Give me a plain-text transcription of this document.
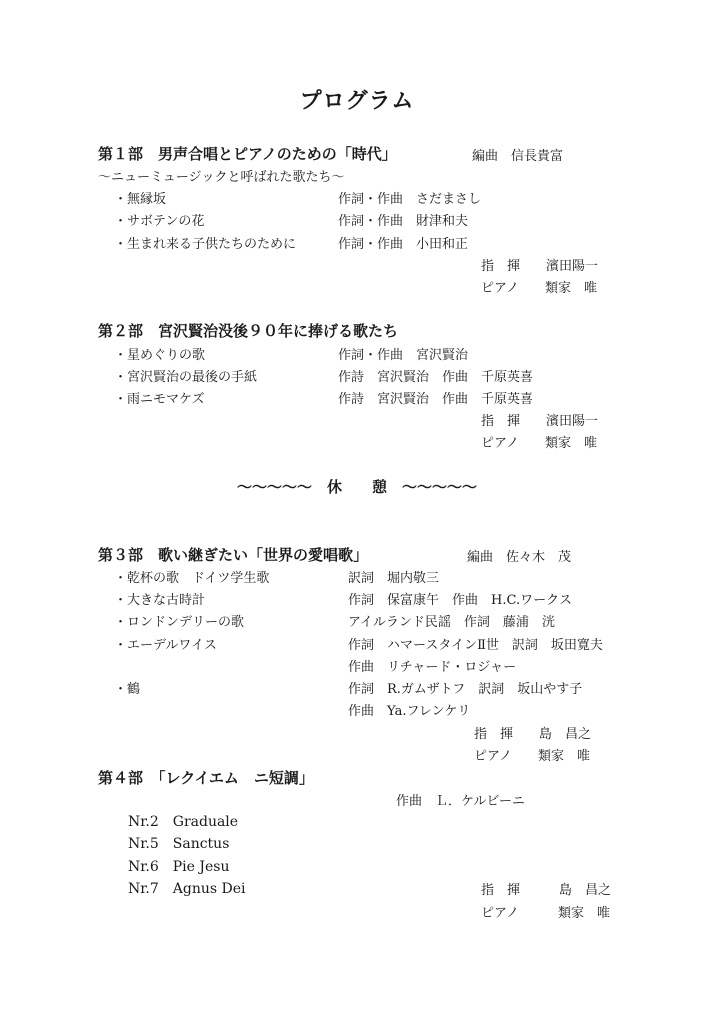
プログラム
第１部　男声合唱とピアノのための「時代」	編曲　信長貴富
〜ニューミュージックと呼ばれた歌たち〜
・無縁坂	作詞・作曲　さだまさし
・サボテンの花	作詞・作曲　財津和夫
・生まれ来る子供たちのために	作詞・作曲　小田和正
指　揮　　濱田陽一
ピアノ　　類家　唯
第２部　宮沢賢治没後９０年に捧げる歌たち
・星めぐりの歌	作詞・作曲　宮沢賢治
・宮沢賢治の最後の手紙	作詩　宮沢賢治　作曲　千原英喜
・雨ニモマケズ	作詩　宮沢賢治　作曲　千原英喜
指　揮　　濱田陽一
ピアノ　　類家　唯
〜〜〜〜〜　休　　憩　〜〜〜〜〜
第３部　歌い継ぎたい「世界の愛唱歌」	編曲　佐々木　茂
・乾杯の歌　ドイツ学生歌	訳詞　堀内敬三
・大きな古時計	作詞　保富康午　作曲　H.C.ワークス
・ロンドンデリーの歌	アイルランド民謡　作詞　藤浦　洸
・エーデルワイス	作詞　ハマースタインⅡ世　訳詞　坂田寛夫
作曲　リチャード・ロジャー
・鶴	作詞　R.ガムザトフ　訳詞　坂山やす子
作曲　Ya.フレンケリ
指　揮　　島　昌之
ピアノ　　類家　唯
第４部　「レクイエム　ニ短調」
作曲　Ｌ．ケルビーニ
Nr.2　Graduale
Nr.5　Sanctus
Nr.6　Pie Jesu
Nr.7　Agnus Dei	指　揮　　　島　昌之
ピアノ　　　類家　唯
